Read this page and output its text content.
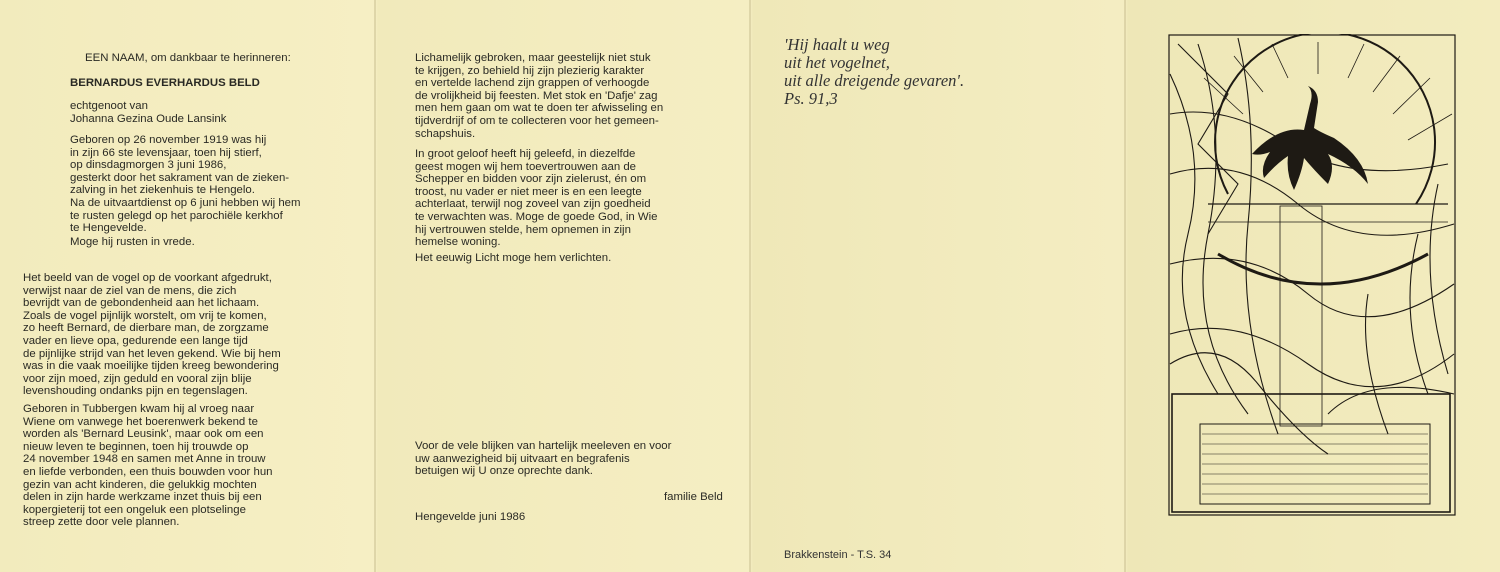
EEN NAAM, om dankbaar te herinneren:
BERNARDUS EVERHARDUS BELD
echtgenoot van
Johanna Gezina Oude Lansink
Geboren op 26 november 1919 was hij
in zijn 66 ste levensjaar, toen hij stierf,
op dinsdagmorgen 3 juni 1986,
gesterkt door het sakrament van de zieken-
zalving in het ziekenhuis te Hengelo.
Na de uitvaartdienst op 6 juni hebben wij hem
te rusten gelegd op het parochiële kerkhof
te Hengevelde.
Moge hij rusten in vrede.
Het beeld van de vogel op de voorkant afgedrukt,
verwijst naar de ziel van de mens, die zich
bevrijdt van de gebondenheid aan het lichaam.
Zoals de vogel pijnlijk worstelt, om vrij te komen,
zo heeft Bernard, de dierbare man, de zorgzame
vader en lieve opa, gedurende een lange tijd
de pijnlijke strijd van het leven gekend. Wie bij hem
was in die vaak moeilijke tijden kreeg bewondering
voor zijn moed, zijn geduld en vooral zijn blije
levenshouding ondanks pijn en tegenslagen.
Geboren in Tubbergen kwam hij al vroeg naar
Wiene om vanwege het boerenwerk bekend te
worden als 'Bernard Leusink', maar ook om een
nieuw leven te beginnen, toen hij trouwde op
24 november 1948 en samen met Anne in trouw
en liefde verbonden, een thuis bouwden voor hun
gezin van acht kinderen, die gelukkig mochten
delen in zijn harde werkzame inzet thuis bij een
kopergieterij tot een ongeluk een plotselinge
streep zette door vele plannen.
Lichamelijk gebroken, maar geestelijk niet stuk
te krijgen, zo behield hij zijn plezierig karakter
en vertelde lachend zijn grappen of verhoogde
de vrolijkheid bij feesten. Met stok en 'Dafje' zag
men hem gaan om wat te doen ter afwisseling en
tijdverdrijf of om te collecteren voor het gemeen-
schapshuis.
In groot geloof heeft hij geleefd, in diezelfde
geest mogen wij hem toevertrouwen aan de
Schepper en bidden voor zijn zielerust, én om
troost, nu vader er niet meer is en een leegte
achterlaat, terwijl nog zoveel van zijn goedheid
te verwachten was. Moge de goede God, in Wie
hij vertrouwen stelde, hem opnemen in zijn
hemelse woning.
Het eeuwig Licht moge hem verlichten.
Voor de vele blijken van hartelijk meeleven en voor
uw aanwezigheid bij uitvaart en begrafenis
betuigen wij U onze oprechte dank.
familie Beld
Hengevelde juni 1986
'Hij haalt u weg
uit het vogelnet,
uit alle dreigende gevaren'.
Ps. 91,3
Brakkenstein - T.S. 34
